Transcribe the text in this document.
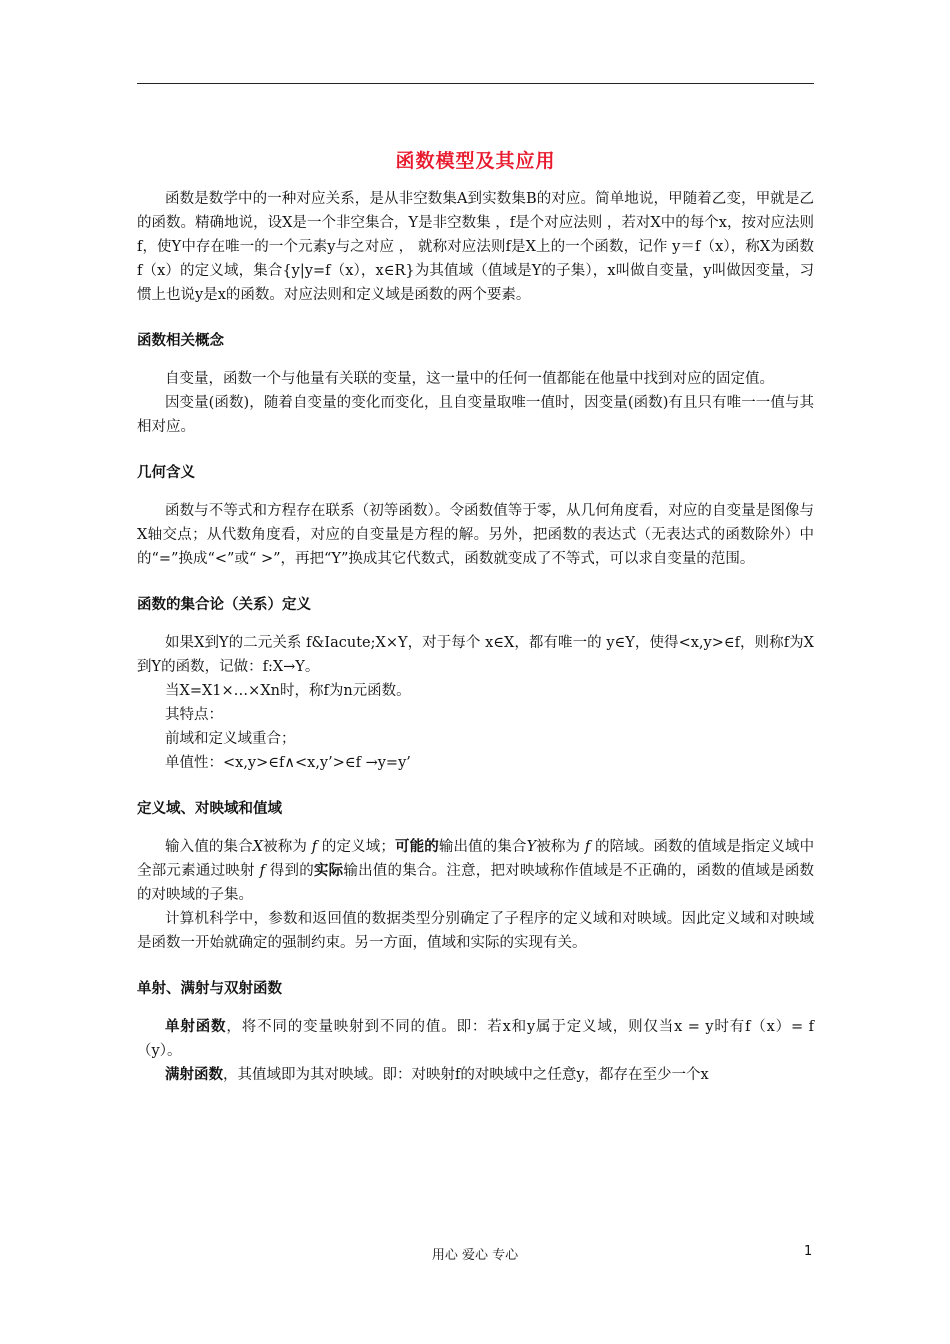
函数模型及其应用

函数是数学中的一种对应关系，是从非空数集A到实数集B的对应。简单地说，甲随着乙变，甲就是乙的函数。精确地说，设X是一个非空集合，Y是非空数集 ，f是个对应法则 ，若对X中的每个x，按对应法则f，使Y中存在唯一的一个元素y与之对应 ， 就称对应法则f是X上的一个函数，记作 y＝f（x），称X为函数f（x）的定义域，集合{y|y=f（x），x∈R}为其值域（值域是Y的子集），x叫做自变量，y叫做因变量，习惯上也说y是x的函数。对应法则和定义域是函数的两个要素。

函数相关概念

自变量，函数一个与他量有关联的变量，这一量中的任何一值都能在他量中找到对应的固定值。

因变量(函数)，随着自变量的变化而变化，且自变量取唯一值时，因变量(函数)有且只有唯一一值与其相对应。

几何含义

函数与不等式和方程存在联系（初等函数）。令函数值等于零，从几何角度看，对应的自变量是图像与X轴交点；从代数角度看，对应的自变量是方程的解。另外，把函数的表达式（无表达式的函数除外）中的“=”换成“<”或“ >”，再把“Y”换成其它代数式，函数就变成了不等式，可以求自变量的范围。

函数的集合论（关系）定义

如果X到Y的二元关系 f&Iacute;X×Y，对于每个 x∈X，都有唯一的 y∈Y，使得<x,y>∈f，则称f为X到Y的函数，记做：f:X→Y。

当X=X1×…×Xn时，称f为n元函数。

其特点：

前域和定义域重合；

单值性：<x,y>∈f∧<x,y’>∈f →y=y’

定义域、对映域和值域

输入值的集合X被称为 f 的定义域；可能的输出值的集合Y被称为 f 的陪域。函数的值域是指定义域中全部元素通过映射 f 得到的实际输出值的集合。注意，把对映域称作值域是不正确的，函数的值域是函数的对映域的子集。

计算机科学中，参数和返回值的数据类型分别确定了子程序的定义域和对映域。因此定义域和对映域是函数一开始就确定的强制约束。另一方面，值域和实际的实现有关。

单射、满射与双射函数

单射函数，将不同的变量映射到不同的值。即：若x和y属于定义域，则仅当x = y时有f（x）= f（y）。

满射函数，其值域即为其对映域。即：对映射f的对映域中之任意y，都存在至少一个x

用心 爱心 专心	1
